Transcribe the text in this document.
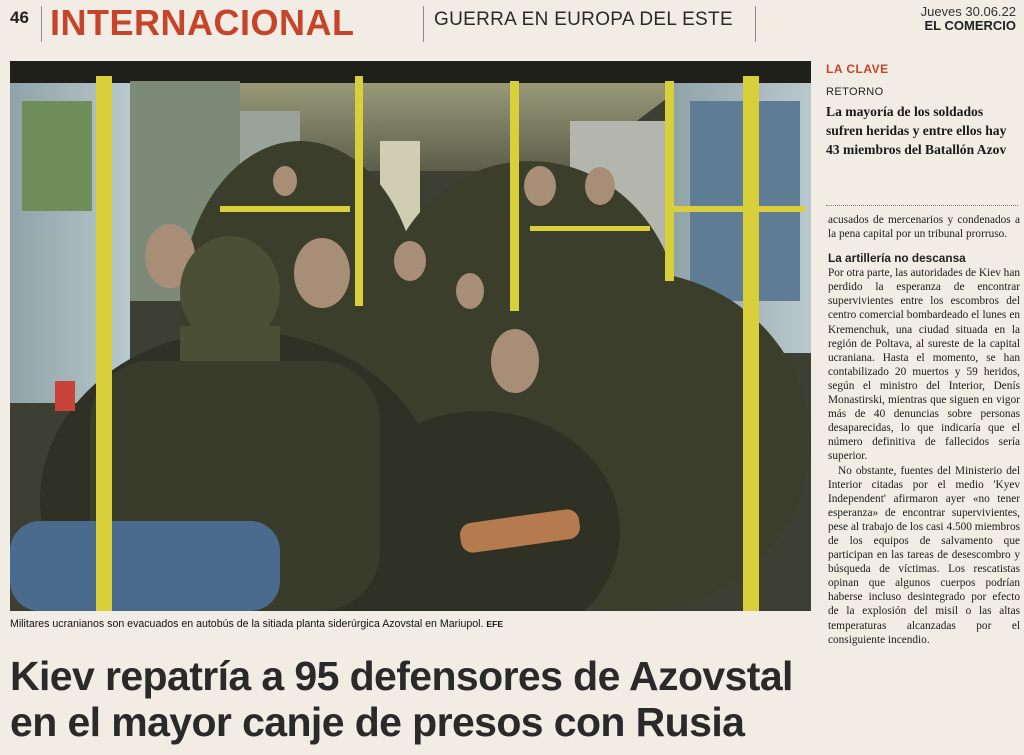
46 INTERNACIONAL	GUERRA EN EUROPA DEL ESTE	Jueves 30.06.22
EL COMERCIO
Militares ucranianos son evacuados en autobús de la sitiada planta siderúrgica Azovstal en Mariupol. EFE
Kiev repatría a 95 defensores de Azovstal
en el mayor canje de presos con Rusia
LA CLAVE
RETORNO
La mayoría de los soldados sufren heridas y entre ellos hay 43 miembros del Batallón Azov

acusados de mercenarios y condenados a la pena capital por un tribunal prorruso.

La artillería no descansa

Por otra parte, las autoridades de Kiev han perdido la esperanza de encontrar supervivientes entre los escombros del centro comercial bombardeado el lunes en Kremenchuk, una ciudad situada en la región de Poltava, al sureste de la capital ucraniana. Hasta el momento, se han contabilizado 20 muertos y 59 heridos, según el ministro del Interior, Denís Monastirski, mientras que siguen en vigor más de 40 denuncias sobre personas desaparecidas, lo que indicaría que el número definitiva de fallecidos sería superior.

No obstante, fuentes del Ministerio del Interior citadas por el medio 'Kyev Independent' afirmaron ayer «no tener esperanza» de encontrar supervivientes, pese al trabajo de los casi 4.500 miembros de los equipos de salvamento que participan en las tareas de desescombro y búsqueda de víctimas. Los rescatistas opinan que algunos cuerpos podrían haberse incluso desintegrado por efecto de la explosión del misil o las altas temperaturas alcanzadas por el consiguiente incendio.
